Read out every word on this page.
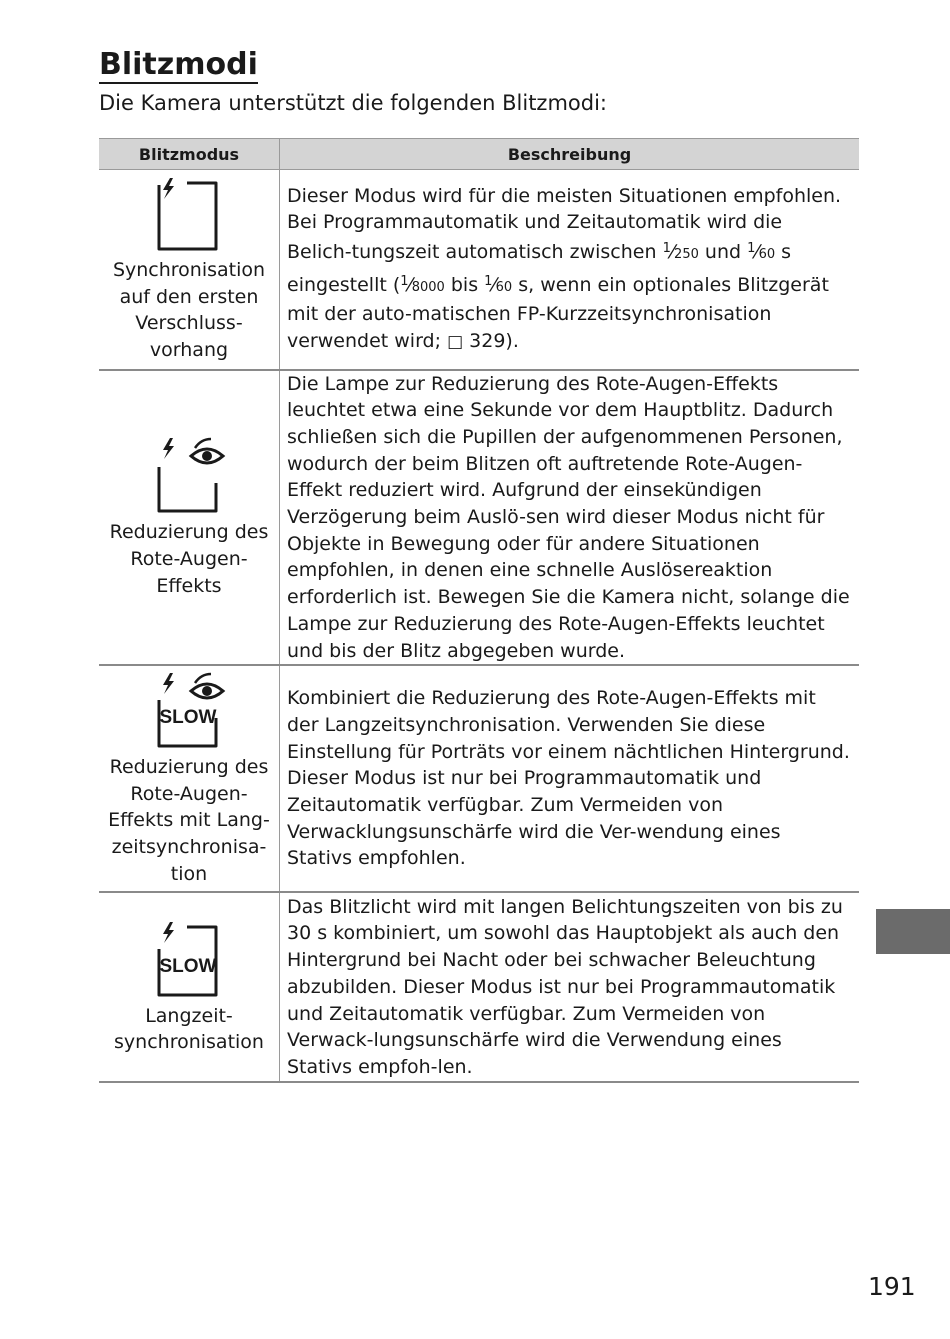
Blitzmodi

Die Kamera unterstützt die folgenden Blitzmodi:

Blitzmodus	Beschreibung

Synchronisation auf den ersten Verschluss-vorhang	Dieser Modus wird für die meisten Situationen empfohlen. Bei Programmautomatik und Zeitautomatik wird die Belich-tungszeit automatisch zwischen $^1$⁄250 und $^1$⁄60 s eingestellt ($^1$⁄8000 bis $^1$⁄60 s, wenn ein optionales Blitzgerät mit der auto-matischen FP-Kurzzeitsynchronisation verwendet wird; □ 329).

Reduzierung des Rote-Augen-Effekts	Die Lampe zur Reduzierung des Rote-Augen-Effekts leuchtet etwa eine Sekunde vor dem Hauptblitz. Dadurch schließen sich die Pupillen der aufgenommenen Personen, wodurch der beim Blitzen oft auftretende Rote-Augen-Effekt reduziert wird. Aufgrund der einsekündigen Verzögerung beim Auslö-sen wird dieser Modus nicht für Objekte in Bewegung oder für andere Situationen empfohlen, in denen eine schnelle Auslösereaktion erforderlich ist. Bewegen Sie die Kamera nicht, solange die Lampe zur Reduzierung des Rote-Augen-Effekts leuchtet und bis der Blitz abgegeben wurde.

SLOW
Reduzierung des Rote-Augen-Effekts mit Lang-zeitsynchronisa-tion	Kombiniert die Reduzierung des Rote-Augen-Effekts mit der Langzeitsynchronisation. Verwenden Sie diese Einstellung für Porträts vor einem nächtlichen Hintergrund. Dieser Modus ist nur bei Programmautomatik und Zeitautomatik verfügbar. Zum Vermeiden von Verwacklungsunschärfe wird die Ver-wendung eines Stativs empfohlen.

SLOW
Langzeit-synchronisation	Das Blitzlicht wird mit langen Belichtungszeiten von bis zu 30 s kombiniert, um sowohl das Hauptobjekt als auch den Hintergrund bei Nacht oder bei schwacher Beleuchtung abzubilden. Dieser Modus ist nur bei Programmautomatik und Zeitautomatik verfügbar. Zum Vermeiden von Verwack-lungsunschärfe wird die Verwendung eines Stativs empfoh-len.
191
